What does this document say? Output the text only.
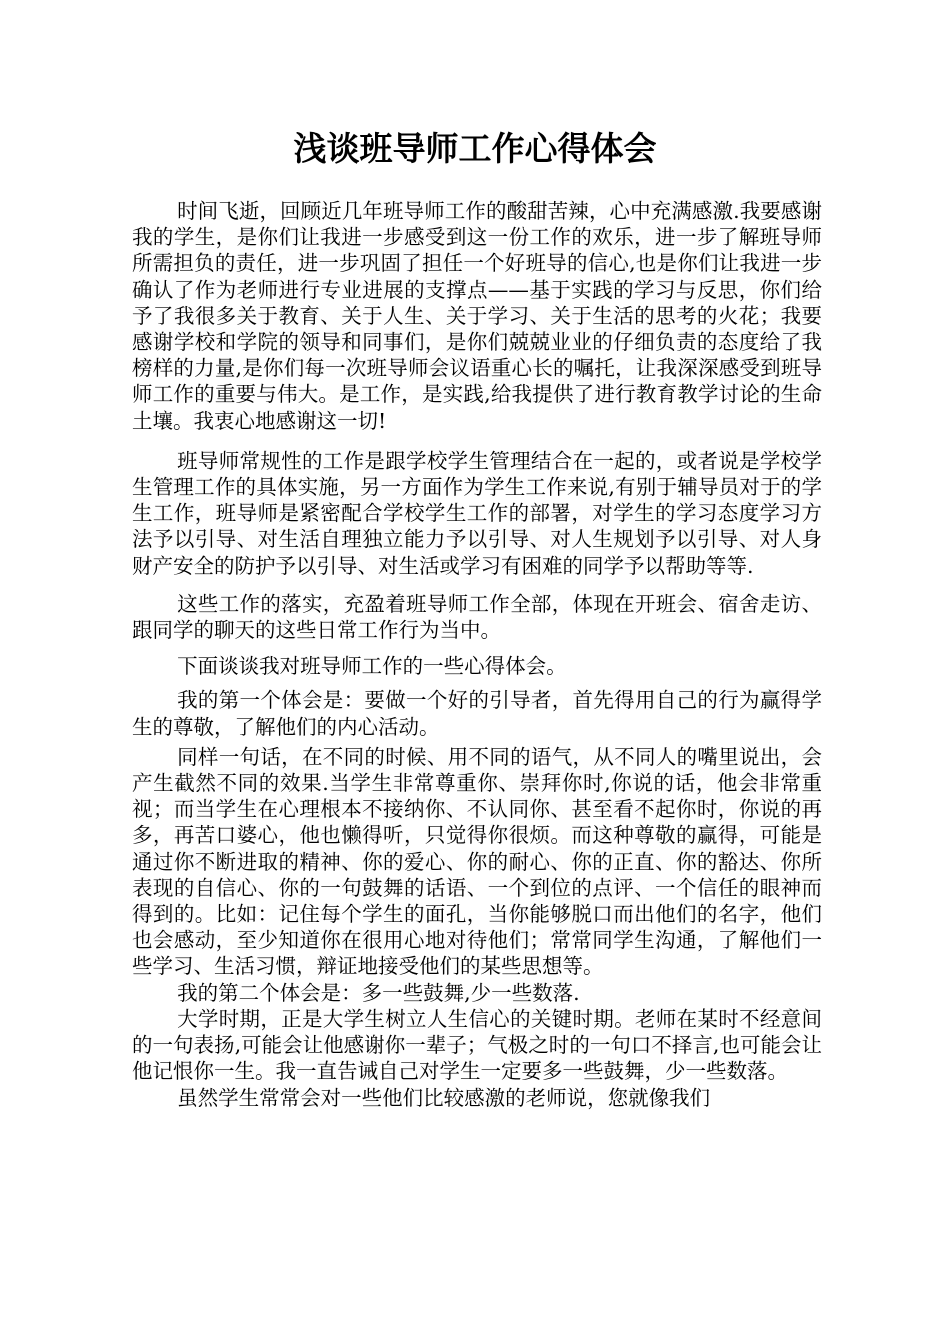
浅谈班导师工作心得体会

时间飞逝，回顾近几年班导师工作的酸甜苦辣，心中充满感激.我要感谢我的学生，是你们让我进一步感受到这一份工作的欢乐，进一步了解班导师所需担负的责任，进一步巩固了担任一个好班导的信心,也是你们让我进一步确认了作为老师进行专业进展的支撑点——基于实践的学习与反思，你们给予了我很多关于教育、关于人生、关于学习、关于生活的思考的火花；我要感谢学校和学院的领导和同事们，是你们兢兢业业的仔细负责的态度给了我榜样的力量,是你们每一次班导师会议语重心长的嘱托，让我深深感受到班导师工作的重要与伟大。是工作，是实践,给我提供了进行教育教学讨论的生命土壤。我衷心地感谢这一切!

班导师常规性的工作是跟学校学生管理结合在一起的，或者说是学校学生管理工作的具体实施，另一方面作为学生工作来说,有别于辅导员对于的学生工作，班导师是紧密配合学校学生工作的部署，对学生的学习态度学习方法予以引导、对生活自理独立能力予以引导、对人生规划予以引导、对人身财产安全的防护予以引导、对生活或学习有困难的同学予以帮助等等.

这些工作的落实，充盈着班导师工作全部，体现在开班会、宿舍走访、跟同学的聊天的这些日常工作行为当中。

下面谈谈我对班导师工作的一些心得体会。

我的第一个体会是：要做一个好的引导者，首先得用自己的行为赢得学生的尊敬，了解他们的内心活动。

同样一句话，在不同的时候、用不同的语气，从不同人的嘴里说出，会产生截然不同的效果.当学生非常尊重你、崇拜你时,你说的话，他会非常重视；而当学生在心理根本不接纳你、不认同你、甚至看不起你时，你说的再多，再苦口婆心，他也懒得听，只觉得你很烦。而这种尊敬的赢得，可能是通过你不断进取的精神、你的爱心、你的耐心、你的正直、你的豁达、你所表现的自信心、你的一句鼓舞的话语、一个到位的点评、一个信任的眼神而得到的。比如：记住每个学生的面孔，当你能够脱口而出他们的名字，他们也会感动，至少知道你在很用心地对待他们；常常同学生沟通，了解他们一些学习、生活习惯，辩证地接受他们的某些思想等。

我的第二个体会是：多一些鼓舞,少一些数落.

大学时期，正是大学生树立人生信心的关键时期。老师在某时不经意间的一句表扬,可能会让他感谢你一辈子；气极之时的一句口不择言,也可能会让他记恨你一生。我一直告诫自己对学生一定要多一些鼓舞，少一些数落。

虽然学生常常会对一些他们比较感激的老师说，您就像我们
